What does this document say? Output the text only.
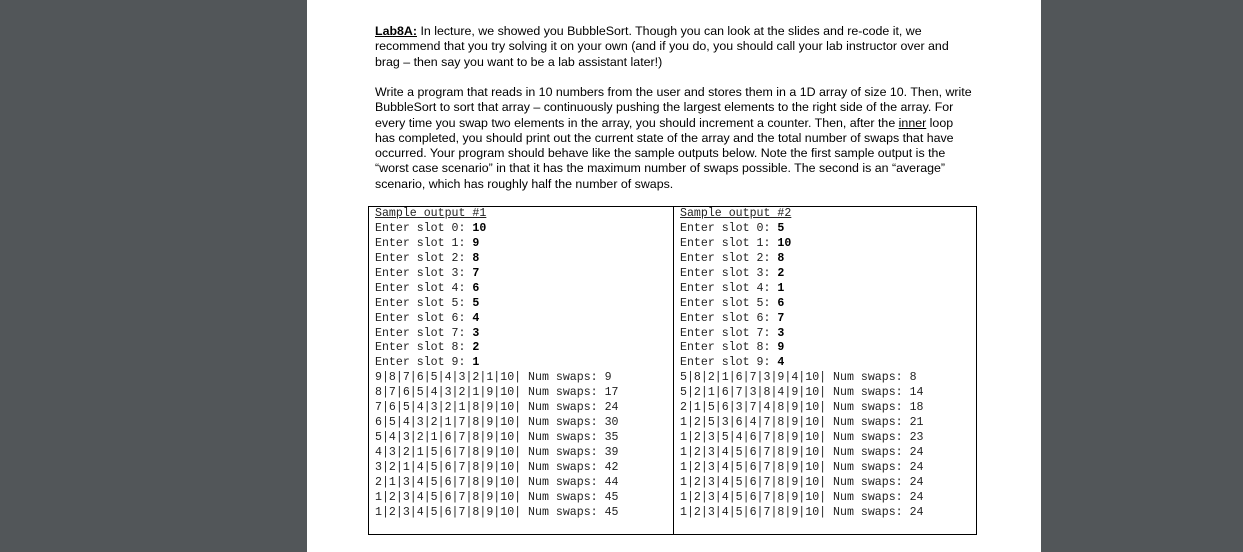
Lab8A: In lecture, we showed you BubbleSort. Though you can look at the slides and re-code it, we recommend that you try solving it on your own (and if you do, you should call your lab instructor over and brag – then say you want to be a lab assistant later!)

Write a program that reads in 10 numbers from the user and stores them in a 1D array of size 10. Then, write BubbleSort to sort that array – continuously pushing the largest elements to the right side of the array. For every time you swap two elements in the array, you should increment a counter. Then, after the inner loop has completed, you should print out the current state of the array and the total number of swaps that have occurred. Your program should behave like the sample outputs below. Note the first sample output is the “worst case scenario” in that it has the maximum number of swaps possible. The second is an “average” scenario, which has roughly half the number of swaps.

Sample output #1
Enter slot 0: 10
Enter slot 1: 9
Enter slot 2: 8
Enter slot 3: 7
Enter slot 4: 6
Enter slot 5: 5
Enter slot 6: 4
Enter slot 7: 3
Enter slot 8: 2
Enter slot 9: 1
9|8|7|6|5|4|3|2|1|10| Num swaps: 9
8|7|6|5|4|3|2|1|9|10| Num swaps: 17
7|6|5|4|3|2|1|8|9|10| Num swaps: 24
6|5|4|3|2|1|7|8|9|10| Num swaps: 30
5|4|3|2|1|6|7|8|9|10| Num swaps: 35
4|3|2|1|5|6|7|8|9|10| Num swaps: 39
3|2|1|4|5|6|7|8|9|10| Num swaps: 42
2|1|3|4|5|6|7|8|9|10| Num swaps: 44
1|2|3|4|5|6|7|8|9|10| Num swaps: 45
1|2|3|4|5|6|7|8|9|10| Num swaps: 45
Sample output #2
Enter slot 0: 5
Enter slot 1: 10
Enter slot 2: 8
Enter slot 3: 2
Enter slot 4: 1
Enter slot 5: 6
Enter slot 6: 7
Enter slot 7: 3
Enter slot 8: 9
Enter slot 9: 4
5|8|2|1|6|7|3|9|4|10| Num swaps: 8
5|2|1|6|7|3|8|4|9|10| Num swaps: 14
2|1|5|6|3|7|4|8|9|10| Num swaps: 18
1|2|5|3|6|4|7|8|9|10| Num swaps: 21
1|2|3|5|4|6|7|8|9|10| Num swaps: 23
1|2|3|4|5|6|7|8|9|10| Num swaps: 24
1|2|3|4|5|6|7|8|9|10| Num swaps: 24
1|2|3|4|5|6|7|8|9|10| Num swaps: 24
1|2|3|4|5|6|7|8|9|10| Num swaps: 24
1|2|3|4|5|6|7|8|9|10| Num swaps: 24
